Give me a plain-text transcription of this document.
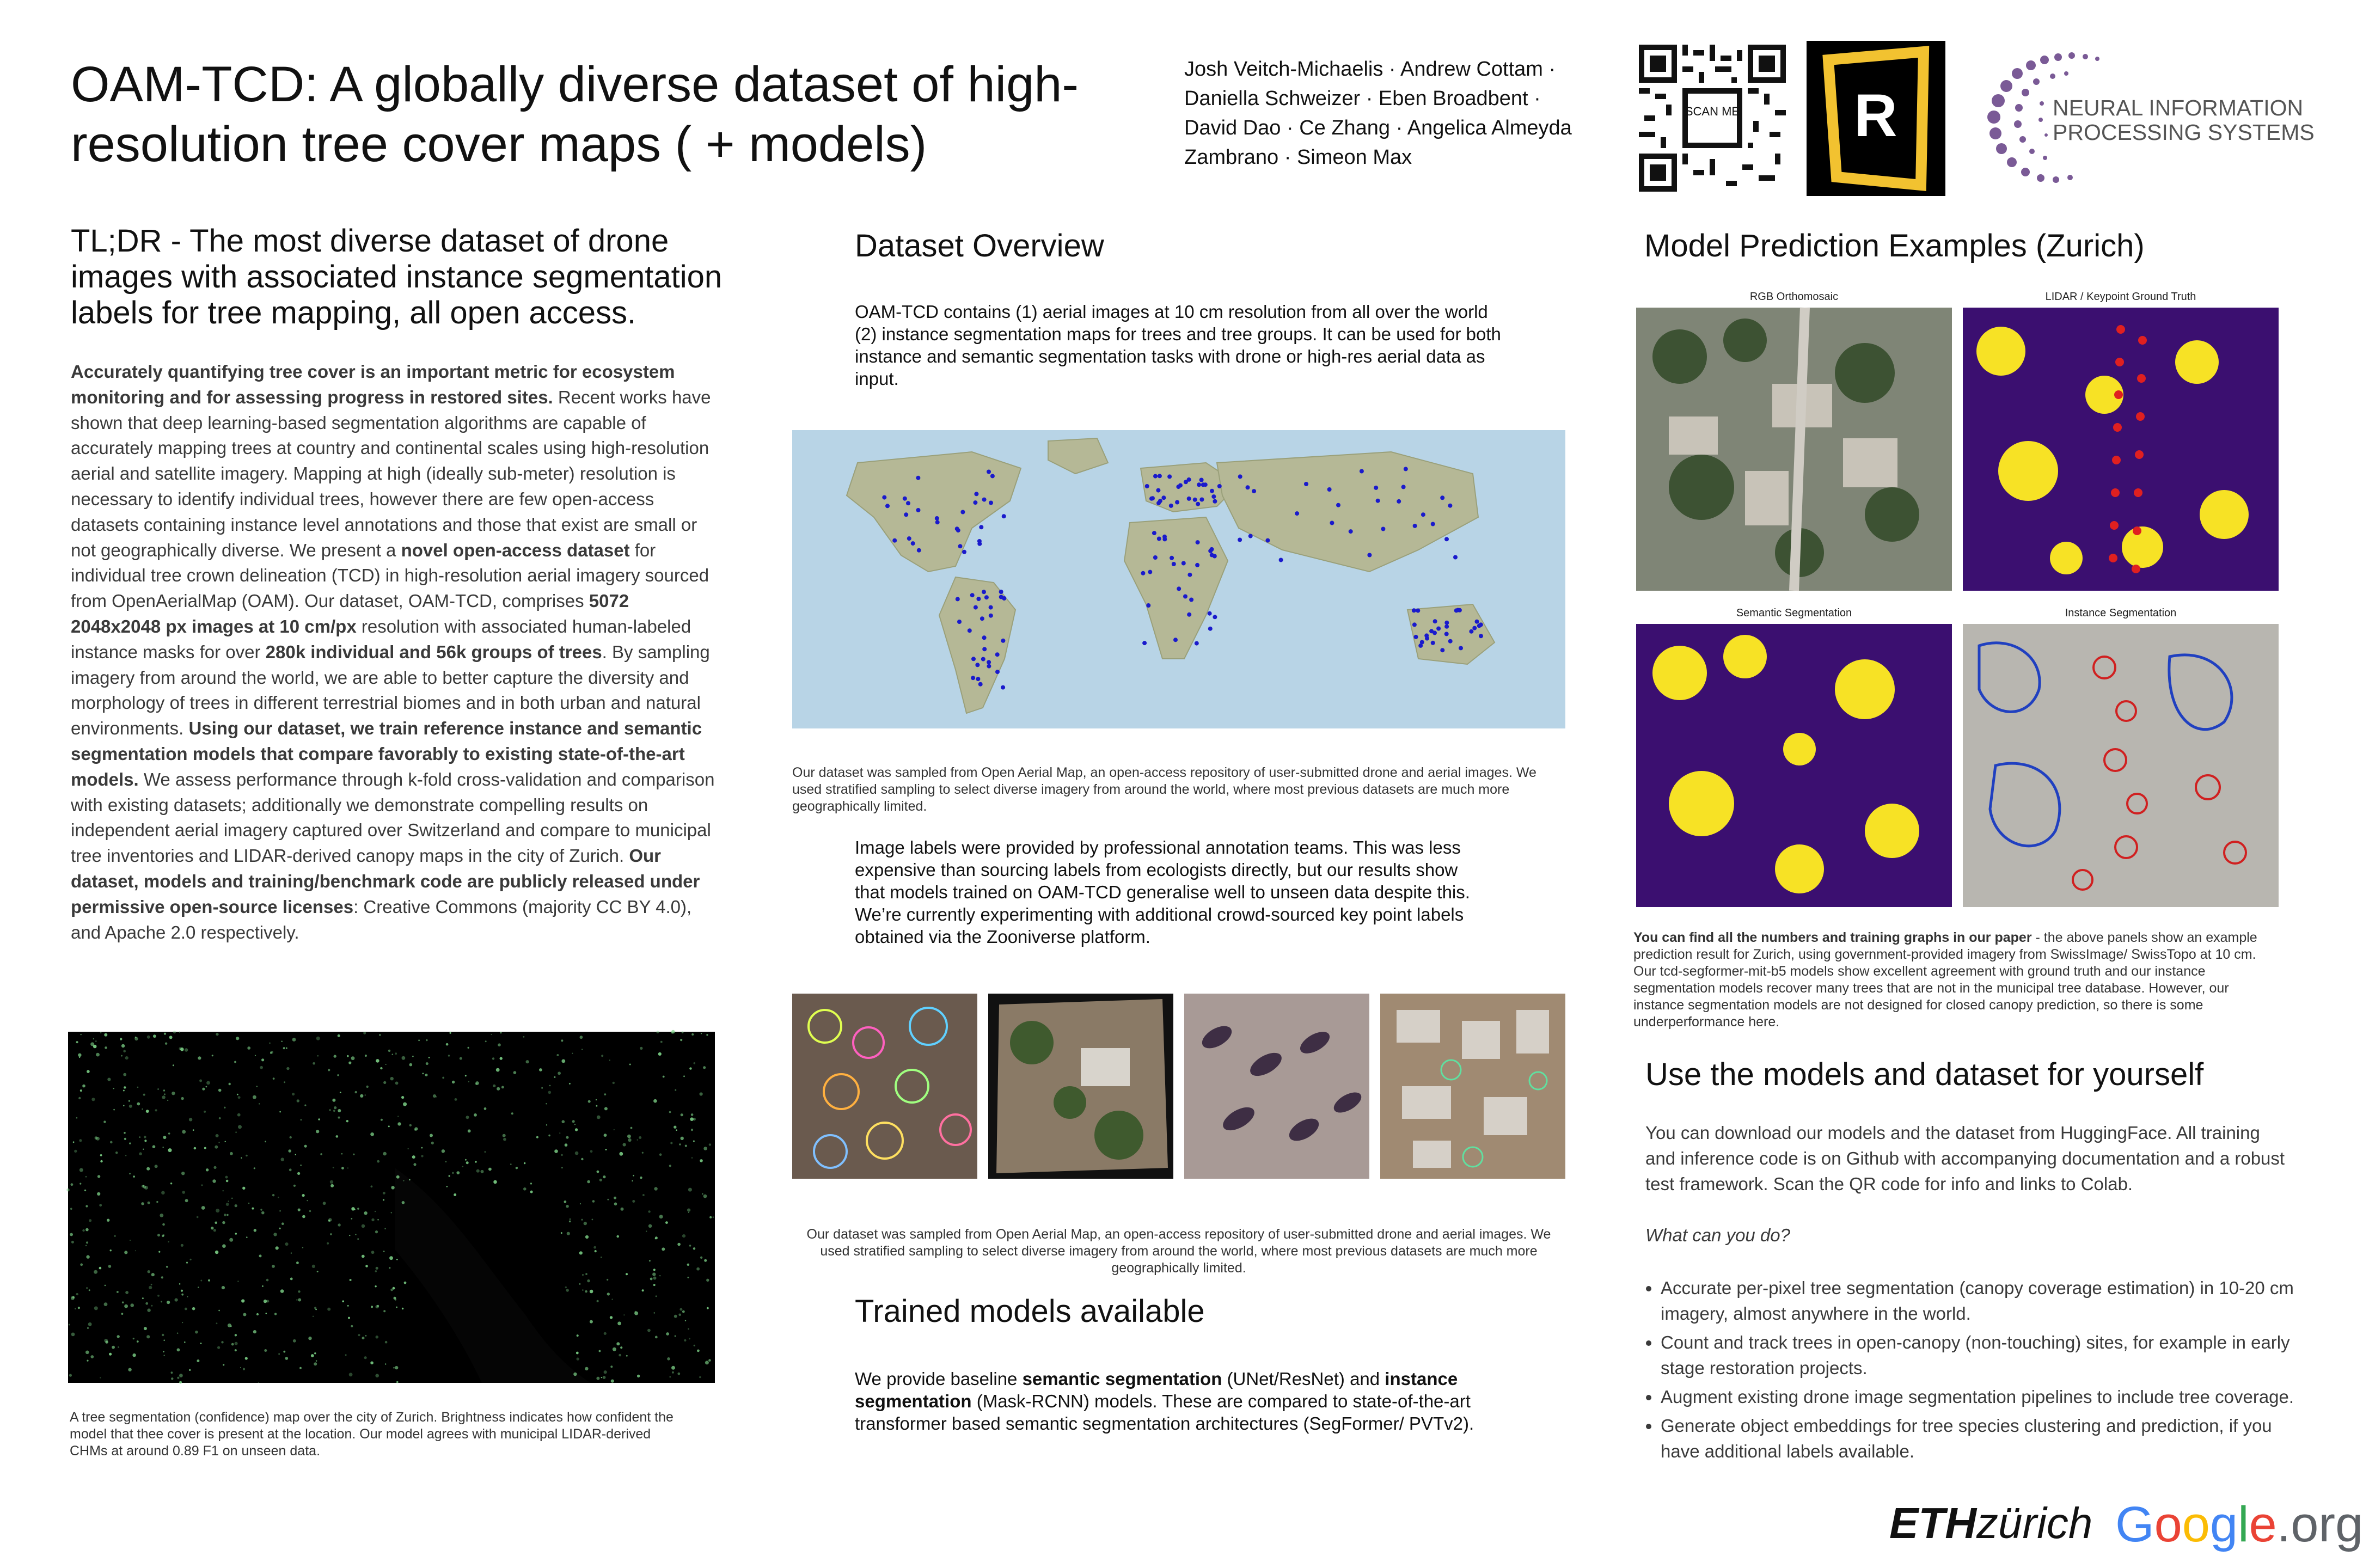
OAM-TCD: A globally diverse dataset of high-resolution tree cover maps ( + models)
Josh Veitch-Michaelis · Andrew Cottam · Daniella Schweizer · Eben Broadbent · David Dao · Ce Zhang · Angelica Almeyda Zambrano · Simeon Max
SCAN ME R	NEURAL INFORMATION
PROCESSING SYSTEMS
TL;DR - The most diverse dataset of drone images with associated instance segmentation labels for tree mapping, all open access.
Accurately quantifying tree cover is an important metric for ecosystem monitoring and for assessing progress in restored sites. Recent works have shown that deep learning-based segmentation algorithms are capable of accurately mapping trees at country and continental scales using high-resolution aerial and satellite imagery. Mapping at high (ideally sub-meter) resolution is necessary to identify individual trees, however there are few open-access datasets containing instance level annotations and those that exist are small or not geographically diverse. We present a novel open-access dataset for individual tree crown delineation (TCD) in high-resolution aerial imagery sourced from OpenAerialMap (OAM). Our dataset, OAM-TCD, comprises 5072 2048x2048 px images at 10 cm/px resolution with associated human-labeled instance masks for over 280k individual and 56k groups of trees. By sampling imagery from around the world, we are able to better capture the diversity and morphology of trees in different terrestrial biomes and in both urban and natural environments. Using our dataset, we train reference instance and semantic segmentation models that compare favorably to existing state-of-the-art models. We assess performance through k-fold cross-validation and comparison with existing datasets; additionally we demonstrate compelling results on independent aerial imagery captured over Switzerland and compare to municipal tree inventories and LIDAR-derived canopy maps in the city of Zurich. Our dataset, models and training/benchmark code are publicly released under permissive open-source licenses: Creative Commons (majority CC BY 4.0), and Apache 2.0 respectively.
A tree segmentation (confidence) map over the city of Zurich. Brightness indicates how confident the model that thee cover is present at the location. Our model agrees with municipal LIDAR-derived CHMs at around 0.89 F1 on unseen data.
Dataset Overview
OAM-TCD contains (1) aerial images at 10 cm resolution from all over the world (2) instance segmentation maps for trees and tree groups. It can be used for both instance and semantic segmentation tasks with drone or high-res aerial data as input.
Our dataset was sampled from Open Aerial Map, an open-access repository of user-submitted drone and aerial images. We used stratified sampling to select diverse imagery from around the world, where most previous datasets are much more geographically limited.
Image labels were provided by professional annotation teams. This was less expensive than sourcing labels from ecologists directly, but our results show that models trained on OAM-TCD generalise well to unseen data despite this. We’re currently experimenting with additional crowd-sourced key point labels obtained via the Zooniverse platform.
Our dataset was sampled from Open Aerial Map, an open-access repository of user-submitted drone and aerial images. We used stratified sampling to select diverse imagery from around the world, where most previous datasets are much more geographically limited.
Trained models available
We provide baseline semantic segmentation (UNet/ResNet) and instance segmentation (Mask-RCNN) models. These are compared to state-of-the-art transformer based semantic segmentation architectures (SegFormer/ PVTv2).
Model Prediction Examples (Zurich)
RGB Orthomosaic	LIDAR / Keypoint Ground Truth
Semantic Segmentation	Instance Segmentation
You can find all the numbers and training graphs in our paper - the above panels show an example prediction result for Zurich, using government-provided imagery from SwissImage/ SwissTopo at 10 cm. Our tcd-segformer-mit-b5 models show excellent agreement with ground truth and our instance segmentation models recover many trees that are not in the municipal tree database. However, our instance segmentation models are not designed for closed canopy prediction, so there is some underperformance here.
Use the models and dataset for yourself
You can download our models and the dataset from HuggingFace. All training and inference code is on Github with accompanying documentation and a robust test framework. Scan the QR code for info and links to Colab.
What can you do?
• Accurate per-pixel tree segmentation (canopy coverage estimation) in 10-20 cm imagery, almost anywhere in the world.
• Count and track trees in open-canopy (non-touching) sites, for example in early stage restoration projects.
• Augment existing drone image segmentation pipelines to include tree coverage.
• Generate object embeddings for tree species clustering and prediction, if you have additional labels available.
ETHzürich Google.org
